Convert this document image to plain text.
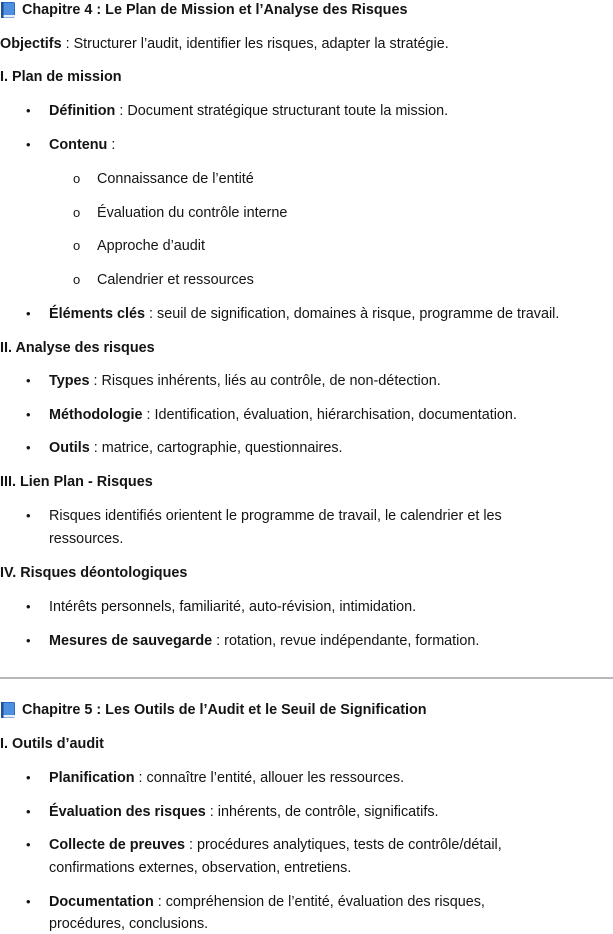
Chapitre 4 : Le Plan de Mission et l’Analyse des Risques
Objectifs : Structurer l’audit, identifier les risques, adapter la stratégie.
I. Plan de mission
• Définition : Document stratégique structurant toute la mission.
• Contenu :
o Connaissance de l’entité
o Évaluation du contrôle interne
o Approche d’audit
o Calendrier et ressources
• Éléments clés : seuil de signification, domaines à risque, programme de travail.
II. Analyse des risques
• Types : Risques inhérents, liés au contrôle, de non-détection.
• Méthodologie : Identification, évaluation, hiérarchisation, documentation.
• Outils : matrice, cartographie, questionnaires.
III. Lien Plan - Risques
• Risques identifiés orientent le programme de travail, le calendrier et les
ressources.
IV. Risques déontologiques
• Intérêts personnels, familiarité, auto-révision, intimidation.
• Mesures de sauvegarde : rotation, revue indépendante, formation.
Chapitre 5 : Les Outils de l’Audit et le Seuil de Signification
I. Outils d’audit
• Planification : connaître l’entité, allouer les ressources.
• Évaluation des risques : inhérents, de contrôle, significatifs.
• Collecte de preuves : procédures analytiques, tests de contrôle/détail,
confirmations externes, observation, entretiens.
• Documentation : compréhension de l’entité, évaluation des risques,
procédures, conclusions.
